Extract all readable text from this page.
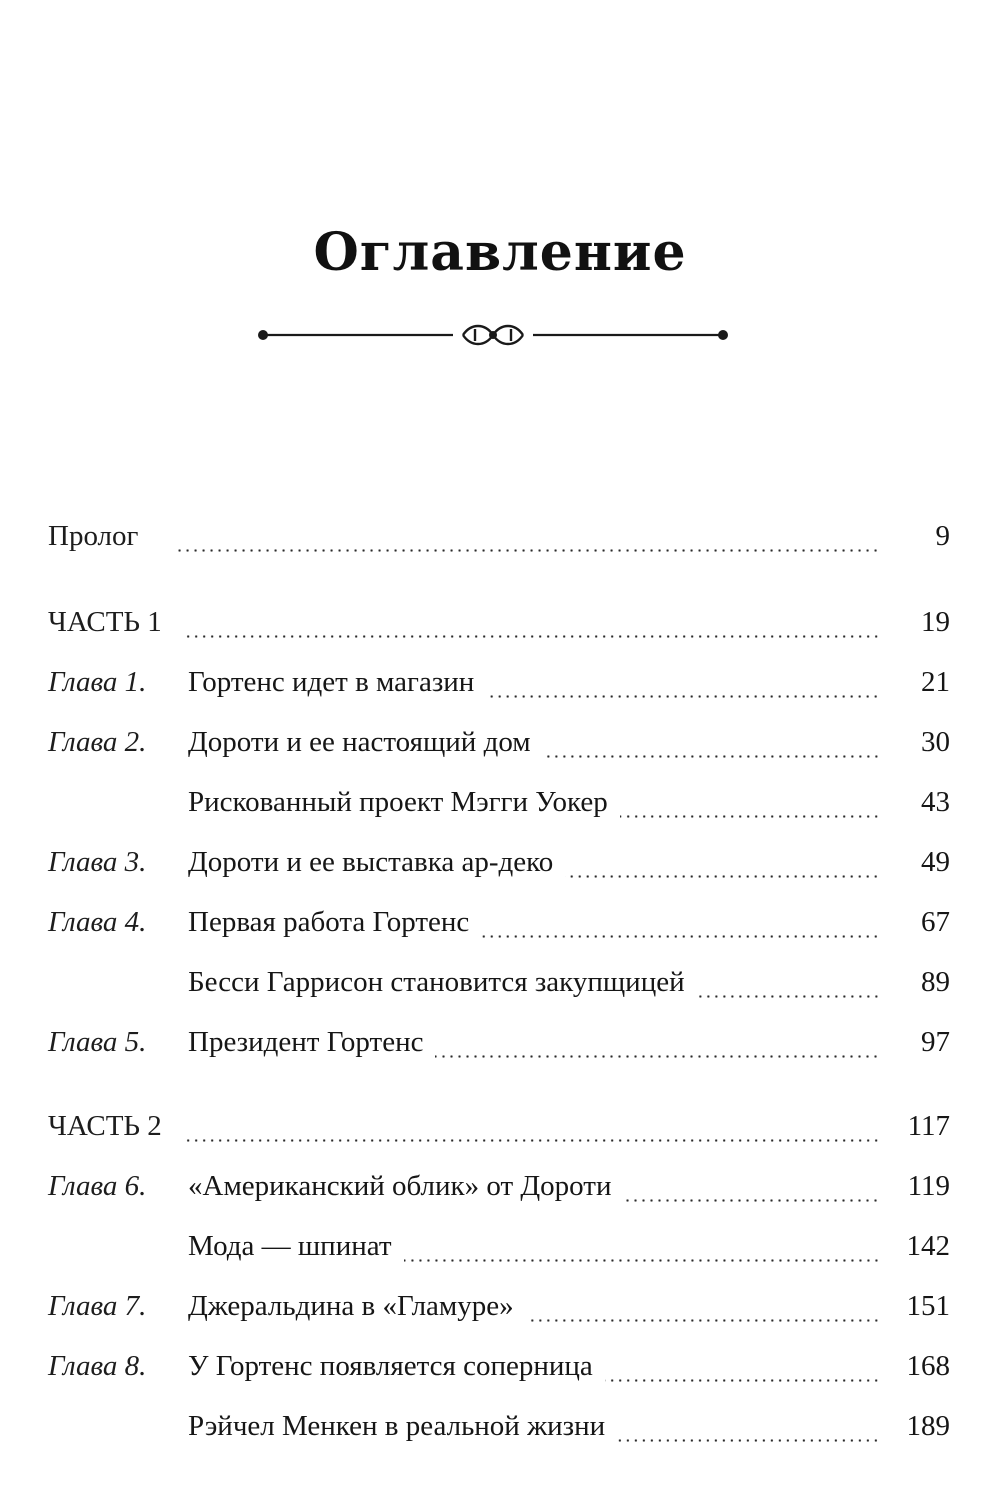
Оглавление
Пролог	9
ЧАСТЬ 1	19
Глава 1.	Гортенс идет в магазин	21
Глава 2.	Дороти и ее настоящий дом	30
Рискованный проект Мэгги Уокер	43
Глава 3.	Дороти и ее выставка ар-деко	49
Глава 4.	Первая работа Гортенс	67
Бесси Гаррисон становится закупщицей	89
Глава 5.	Президент Гортенс	97
ЧАСТЬ 2	117
Глава 6.	«Американский облик» от Дороти	119
Мода — шпинат	142
Глава 7.	Джеральдина в «Гламуре»	151
Глава 8.	У Гортенс появляется соперница	168
Рэйчел Менкен в реальной жизни	189
